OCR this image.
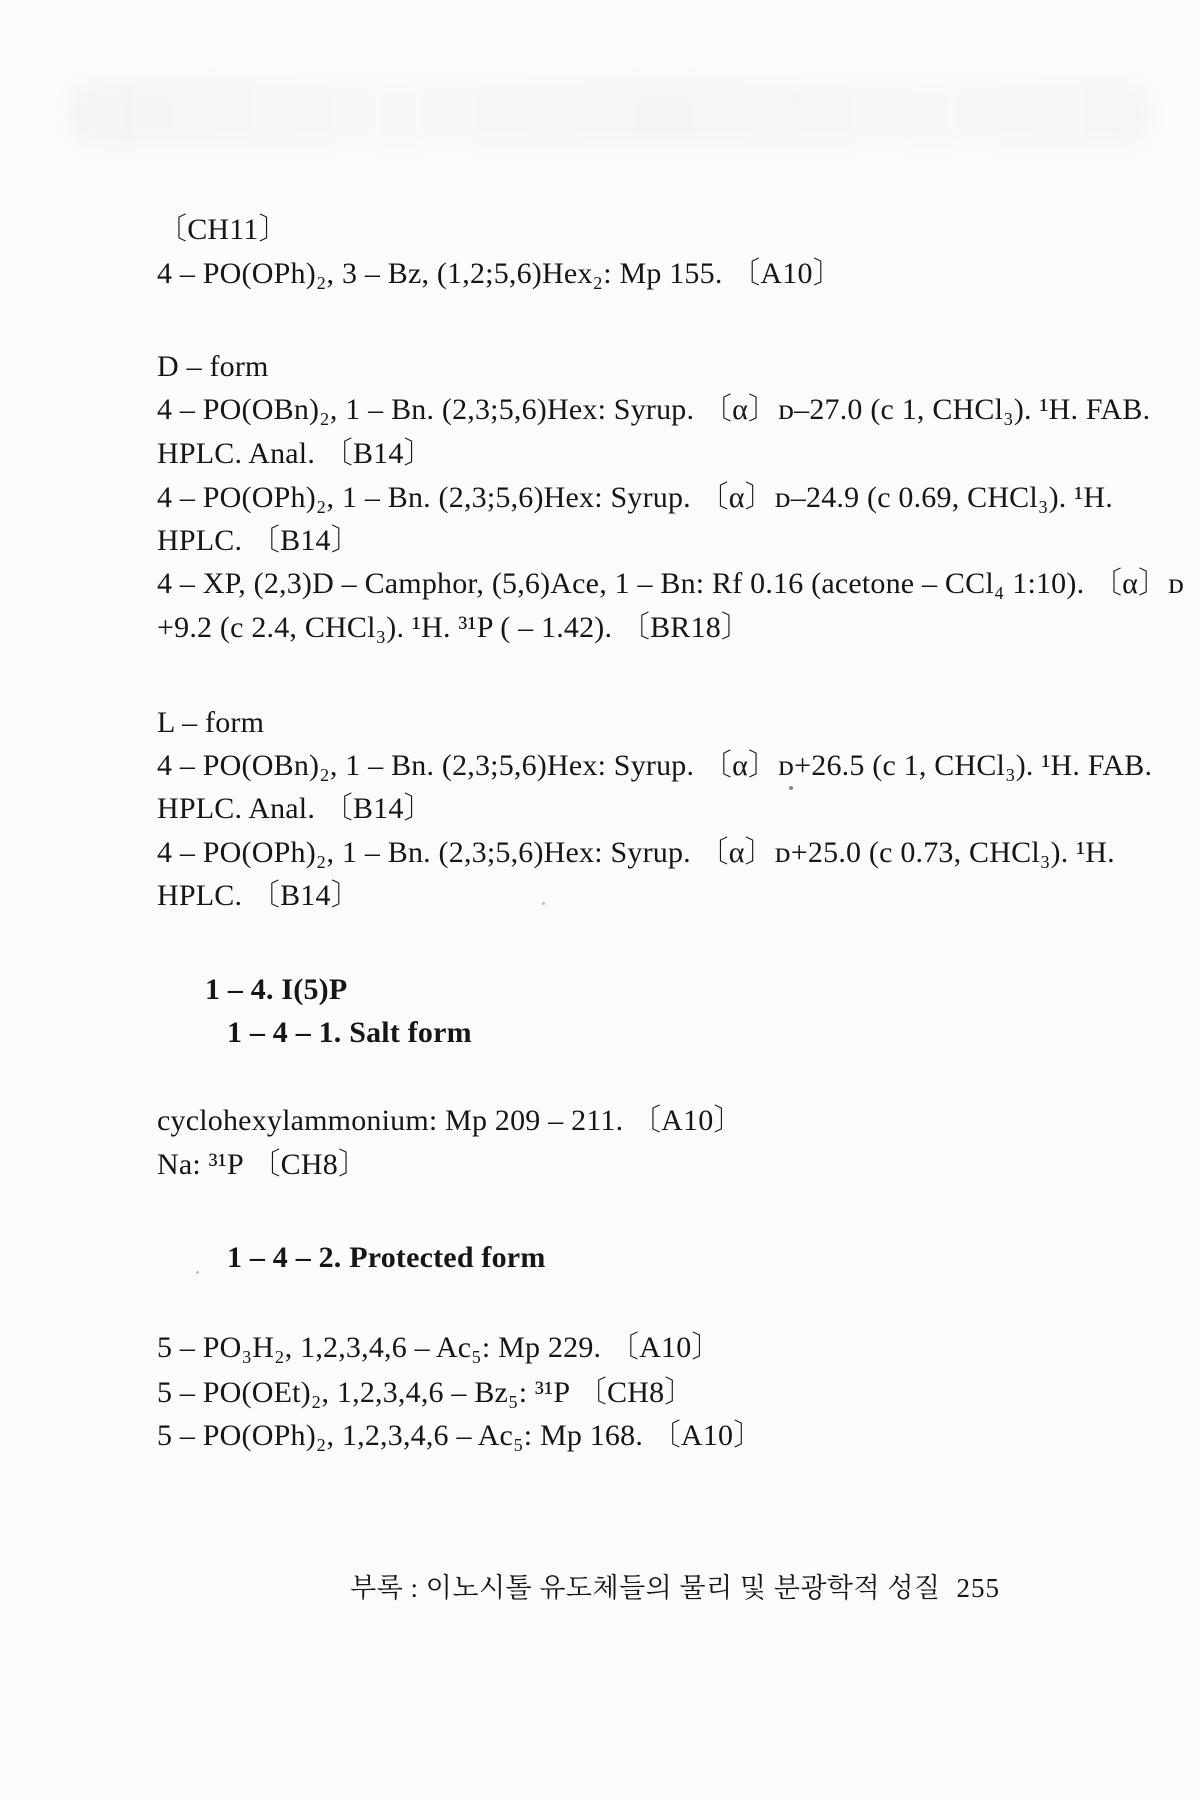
〔CH11〕
4 – PO(OPh)₂, 3 – Bz, (1,2;5,6)Hex₂: Mp 155. 〔A10〕
D – form
4 – PO(OBn)₂, 1 – Bn. (2,3;5,6)Hex: Syrup. 〔α〕ᴅ–27.0 (c 1, CHCl₃). ¹H. FAB.
HPLC. Anal. 〔B14〕
4 – PO(OPh)₂, 1 – Bn. (2,3;5,6)Hex: Syrup. 〔α〕ᴅ–24.9 (c 0.69, CHCl₃). ¹H.
HPLC. 〔B14〕
4 – XP, (2,3)D – Camphor, (5,6)Ace, 1 – Bn: Rf 0.16 (acetone – CCl₄ 1:10). 〔α〕ᴅ
+9.2 (c 2.4, CHCl₃). ¹H. ³¹P ( – 1.42). 〔BR18〕
L – form
4 – PO(OBn)₂, 1 – Bn. (2,3;5,6)Hex: Syrup. 〔α〕ᴅ+26.5 (c 1, CHCl₃). ¹H. FAB.
HPLC. Anal. 〔B14〕
4 – PO(OPh)₂, 1 – Bn. (2,3;5,6)Hex: Syrup. 〔α〕ᴅ+25.0 (c 0.73, CHCl₃). ¹H.
HPLC. 〔B14〕
1 – 4. I(5)P
1 – 4 – 1. Salt form
cyclohexylammonium: Mp 209 – 211. 〔A10〕
Na: ³¹P 〔CH8〕
1 – 4 – 2. Protected form
5 – PO₃H₂, 1,2,3,4,6 – Ac₅: Mp 229. 〔A10〕
5 – PO(OEt)₂, 1,2,3,4,6 – Bz₅: ³¹P 〔CH8〕
5 – PO(OPh)₂, 1,2,3,4,6 – Ac₅: Mp 168. 〔A10〕
부록 : 이노시톨 유도체들의 물리 및 분광학적 성질 255
